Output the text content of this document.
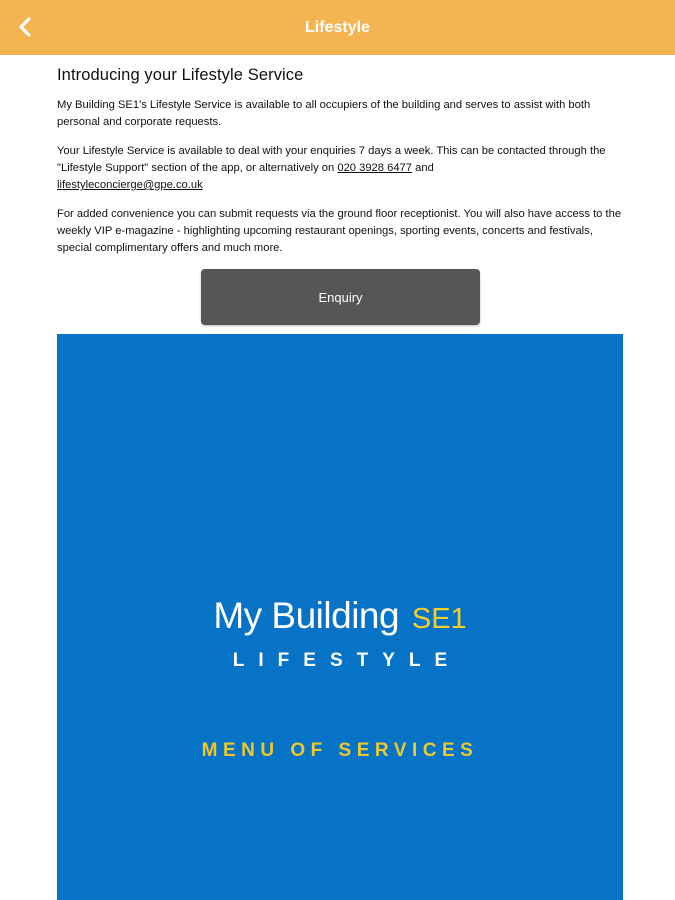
Lifestyle
Introducing your Lifestyle Service

My Building SE1's Lifestyle Service is available to all occupiers of the building and serves to assist with both personal and corporate requests.

Your Lifestyle Service is available to deal with your enquiries 7 days a week. This can be contacted through the "Lifestyle Support" section of the app, or alternatively on 020 3928 6477 and
lifestyleconcierge@gpe.co.uk

For added convenience you can submit requests via the ground floor receptionist. You will also have access to the weekly VIP e-magazine - highlighting upcoming restaurant openings, sporting events, concerts and festivals, special complimentary offers and much more.

Enquiry
My Building SE1
LIFESTYLE
MENU OF SERVICES
